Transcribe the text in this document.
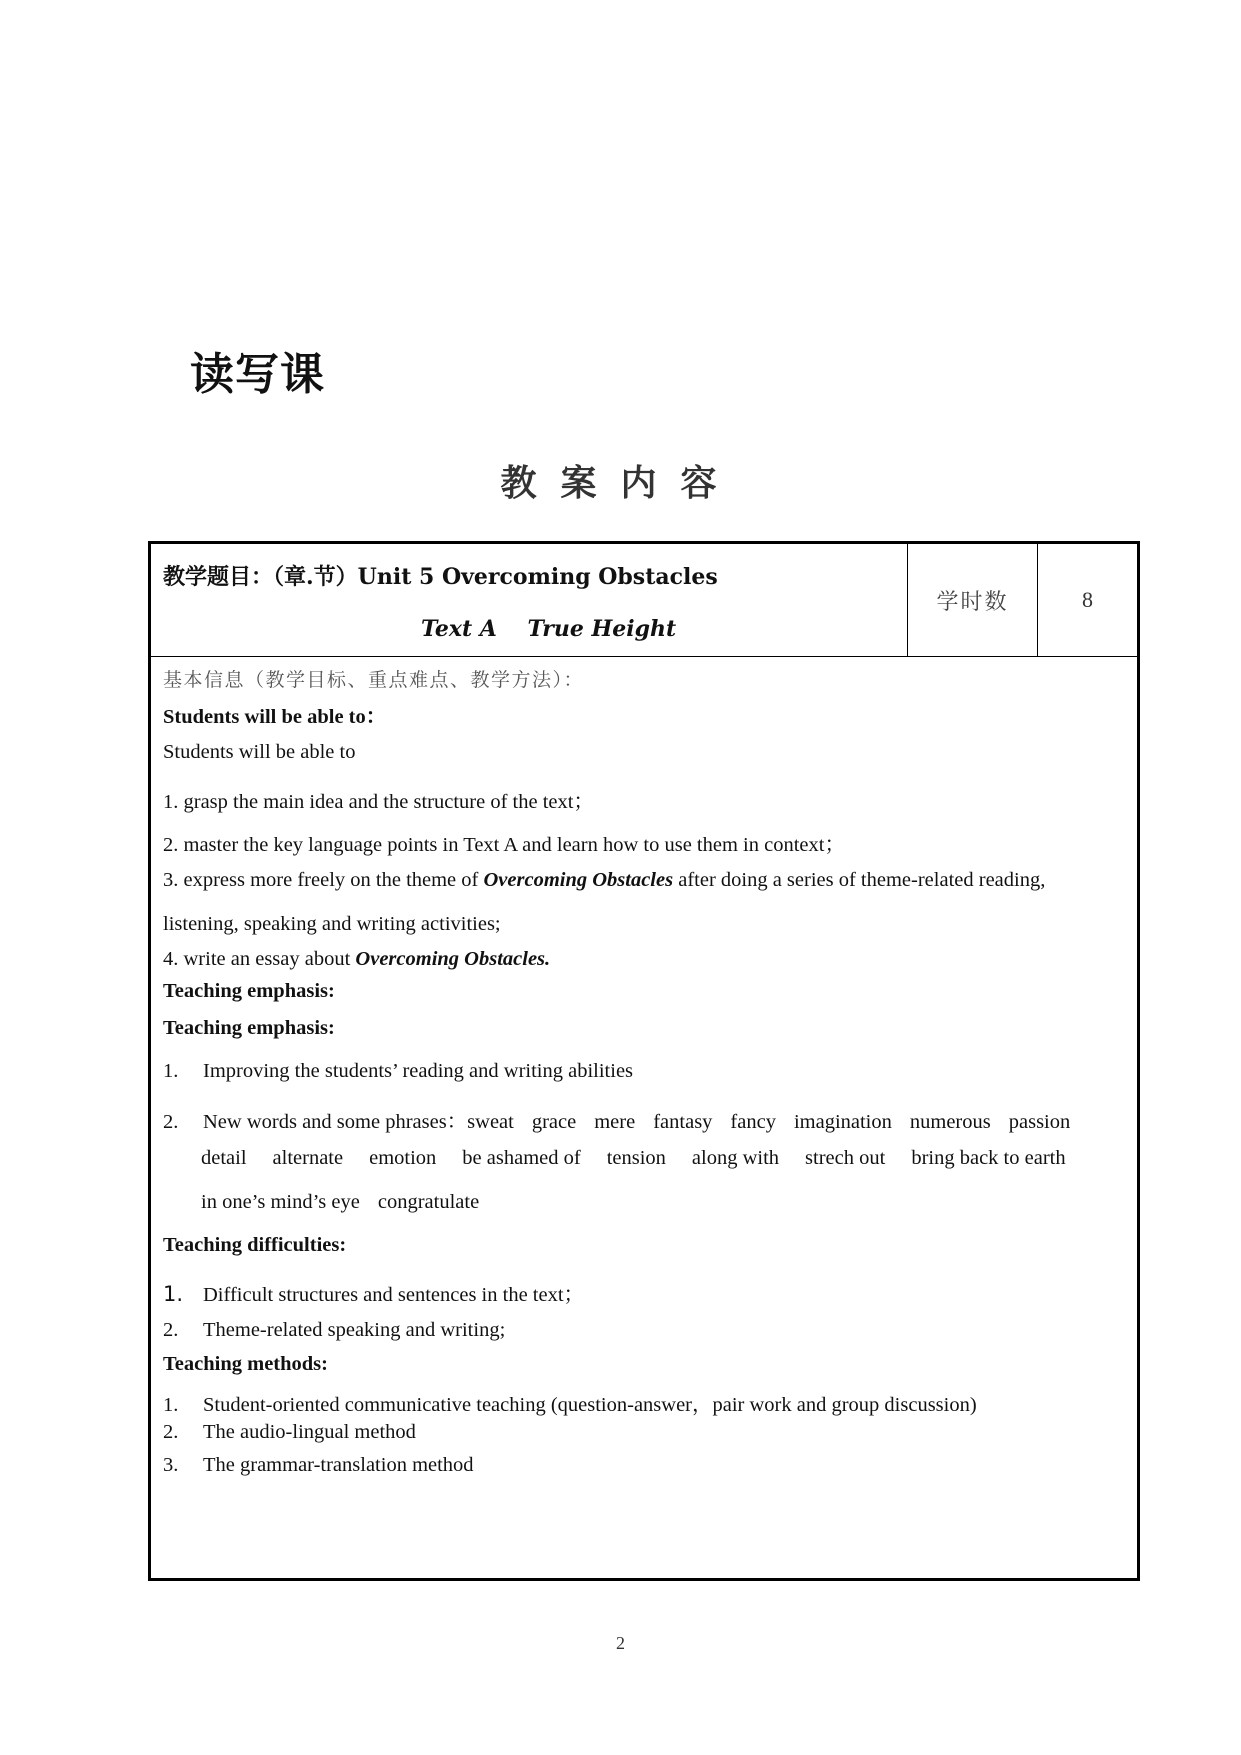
读写课
教案内容
教学题目：（章.节）Unit 5 Overcoming Obstacles
Text A True Height
学时数	8
基本信息（教学目标、重点难点、教学方法）：
Students will be able to：
Students will be able to
1. grasp the main idea and the structure of the text；
2. master the key language points in Text A and learn how to use them in context；
3. express more freely on the theme of Overcoming Obstacles after doing a series of theme-related reading,
listening, speaking and writing activities;
4. write an essay about Overcoming Obstacles.
Teaching emphasis:
Teaching emphasis:
1. Improving the students’ reading and writing abilities
2. New words and some phrases：sweat grace mere fantasy fancy imagination numerous passion
detail alternate emotion be ashamed of tension along with strech out bring back to earth
in one’s mind’s eye congratulate
Teaching difficulties:
1. Difficult structures and sentences in the text；
2. Theme-related speaking and writing;
Teaching methods:
1. Student-oriented communicative teaching (question-answer，pair work and group discussion)
2. The audio-lingual method
3. The grammar-translation method
2
